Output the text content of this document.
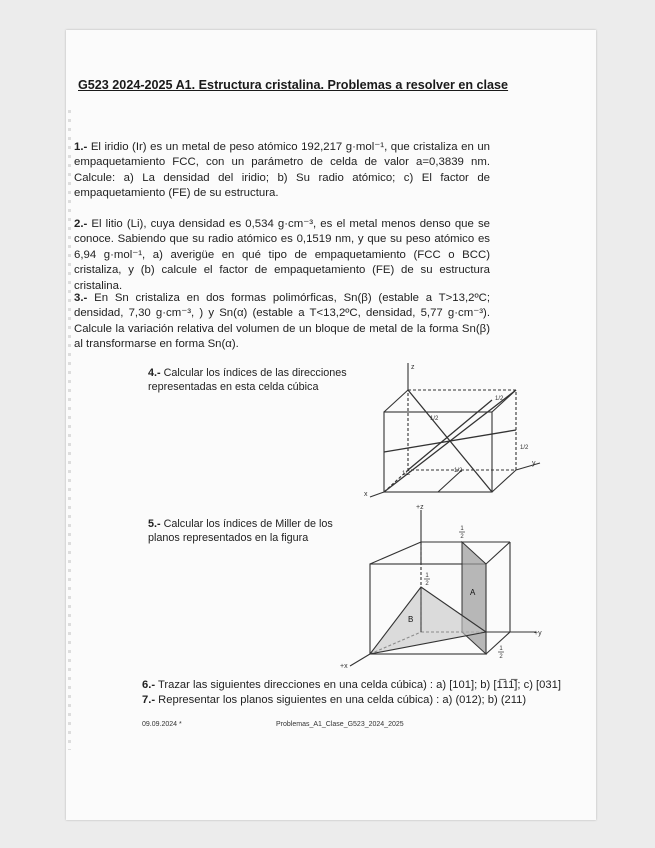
G523 2024-2025 A1. Estructura cristalina. Problemas a resolver en clase
1.- El iridio (Ir) es un metal de peso atómico 192,217 g·mol⁻¹, que cristaliza en un empaquetamiento FCC, con un parámetro de celda de valor a=0,3839 nm. Calcule: a) La densidad del iridio; b) Su radio atómico; c) El factor de empaquetamiento (FE) de su estructura.
2.- El litio (Li), cuya densidad es 0,534 g·cm⁻³, es el metal menos denso que se conoce. Sabiendo que su radio atómico es 0,1519 nm, y que su peso atómico es 6,94 g·mol⁻¹, a) averigüe en qué tipo de empaquetamiento (FCC o BCC) cristaliza, y (b) calcule el factor de empaquetamiento (FE) de su estructura cristalina.
3.- En Sn cristaliza en dos formas polimórficas, Sn(β) (estable a T>13,2ºC; densidad, 7,30 g·cm⁻³, ) y Sn(α) (estable a T<13,2ºC, densidad, 5,77 g·cm⁻³). Calcule la variación relativa del volumen de un bloque de metal de la forma Sn(β) al transformarse en forma Sn(α).
4.- Calcular los índices de las direcciones
representadas en esta celda cúbica
5.- Calcular los índices de Miller de los
planos representados en la figura
z
y
x
1/2
1/2
1/2
1/2	1/2
+z
+y
+x
A
B
1
2
1
2
1
2
6.- Trazar las siguientes direcciones en una celda cúbica) : a) [101]; b) [1̅11̅]; c) [031]
7.- Representar los planos siguientes en una celda cúbica) : a) (012); b) (211)
09.09.2024 *	Problemas_A1_Clase_G523_2024_2025
